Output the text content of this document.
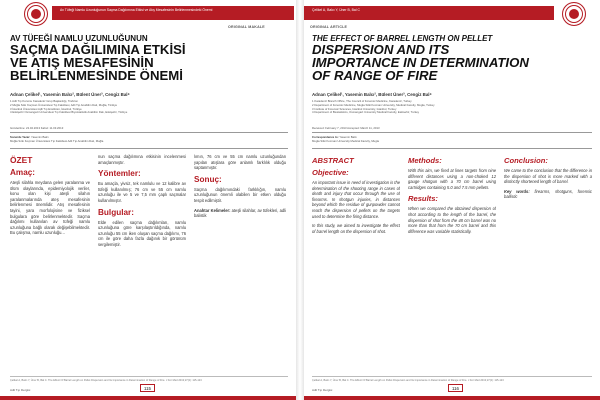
Av Tüfeği Namlu Uzunluğunun Saçma Dağılımına Etkisi ve Atış Mesafesinin Belirlenmesindeki Önemi
ORIGINAL MAKALE
AV TÜFEĞİ NAMLU UZUNLUĞUNUN
SAÇMA DAĞILIMINA ETKİSİ
VE ATIŞ MESAFESİNİN
BELİRLENMESİNDE ÖNEMİ
Adnan Çelikel¹, Yasemin Balcı², Bülent Üner³, Cengiz Bal⁴
1 Adli Tıp Kurumu Karadeniz Grup Başkanlığı, Trabzon
2 Muğla Sıtkı Koçman Üniversitesi Tıp Fakültesi, Adli Tıp Anabilim Dalı, Muğla, Türkiye
3 İstanbul Üniversitesi Adli Tıp Enstitüsü, İstanbul, Türkiye
4 Eskişehir Osmangazi Üniversitesi Tıp Fakültesi Biyoistatistik Anabilim Dalı, Eskişehir, Türkiye
Gönderilme: 22.02.2013 Kabul: 11.03.2013
Sorumlu Yazar: Yasemin Balcı
Muğla Sıtkı Koçman Üniversitesi Tıp Fakültesi Adli Tıp Anabilim Dalı, Muğla
ÖZET
Amaç:

Ateşli silahla meydana gelen yaralanma ve ölüm olaylarında, epidemiyolojik veriler, konu olan kişi ateşli silahın yaralanmalarında ateş mesafesinin belirlenmesi önemlidir. Atış mesafesinin tayini, yara morfolojisine ve fiziksel bulgulara göre belirlenmektedir. Saçma dağılımı kullanılan av tüfeği namlu uzunluğuna bağlı olarak değişebilmektedir. Bu çalışma, namlu uzunluğu...

nun saçma dağılımına etkisinin incelenmesi amaçlanmıştır.

Yöntemler:

Bu amaçla, yivsiz, tek namlulu ve 12 kalibre av tüfeği kullanılmış; 76 cm ve 55 cm namlu uzunluğu ile ve 5 ve 7,5 mm çaplı saçmalar kullanılmıştır.

Bulgular:

Elde edilen saçma dağılımları, namlu uzunluğuna göre karşılaştırıldığında, namlu uzunluğu 55 cm iken oluşan saçma dağılımı, 76 cm ile göre daha fazla dağınık bir görünüm sergilemiştir.

lımın, 76 cm ve 55 cm namlu uzunluğundan yapılan atışlara göre anlamlı farklılık olduğu saptanmıştır.

Sonuç:

Saçma dağılımındaki farklılığın, namlu uzunluğunun önemli olabilen bir etken olduğu tespit edilmiştir.

Anahtar Kelimeler: ateşli silahlar, av tüfekleri, adli balistik

Çelikel A, Balcı Y, Üner B, Bal C. The Effect Of Barrel Length on Pellet Dispersion and Its Importance in Determination of Range of Fire. J For Med 2013;27(2): 115-123
Adli Tıp Dergisi	115
Çelikel A, Balcı Y, Üner B, Bal C
ORIGINAL ARTICLE
THE EFFECT OF BARREL LENGTH ON PELLET
DISPERSION AND ITS
IMPORTANCE IN DETERMINATION
OF RANGE OF FIRE
Adnan Çelikel¹, Yasemin Balcı², Bülent Üner³, Cengiz Bal⁴
1 Karadeniz Branch Office, The Council of Forensic Medicine, Karadeniz, Turkey
2 Department of Forensic Medicine, Mugla Sitki Kocman University, Medical Faculty, Mugla, Turkey
3 Institute of Forensic Sciences, Istanbul University, Istanbul, Turkey
4 Department of Biostatistics, Osmangazi University Medical Faculty, Eskisehir, Turkey
Received: February 7, 2013 Accepted: March 11, 2013
Correspondence to: Yasemin Balcı
Mugla Sitki Kocman University Medical Faculty, Mugla
ABSTRACT
Objective:

An important issue in need of investigation is the determination of the shooting range in cases of death and injury that occur through the use of firearms. In shotgun injuries, in distances beyond which the residue of gunpowder cannot reach the dispersion of pellets on the targets used to determine the firing distance.

In this study, we aimed to investigate the effect of barrel length on the dispersion of shot.

Methods:

With this aim, we fired at lines targets from nine different distances using a non-choked 12 gauge shotgun with a 70 cm barrel using cartridges containing 5.0 and 7.5 mm pellets.

Results:

When we compared the obtained dispersion of shot according to the length of the barrel, the dispersion of shot from the 48 cm barrel was no more than that from the 70 cm barrel and this difference was variable statistically.

Conclusion:

We came to the conclusion that the difference in the dispersion of shot is more marked with a distinctly shortened length of barrel.

Key words: firearms, shotguns, forensic ballistic

Çelikel A, Balcı Y, Üner B, Bal C. The Effect Of Barrel Length on Pellet Dispersion and Its Importance in Determination of Range of Fire. J For Med 2013;27(2): 115-123
Adli Tıp Dergisi	116
